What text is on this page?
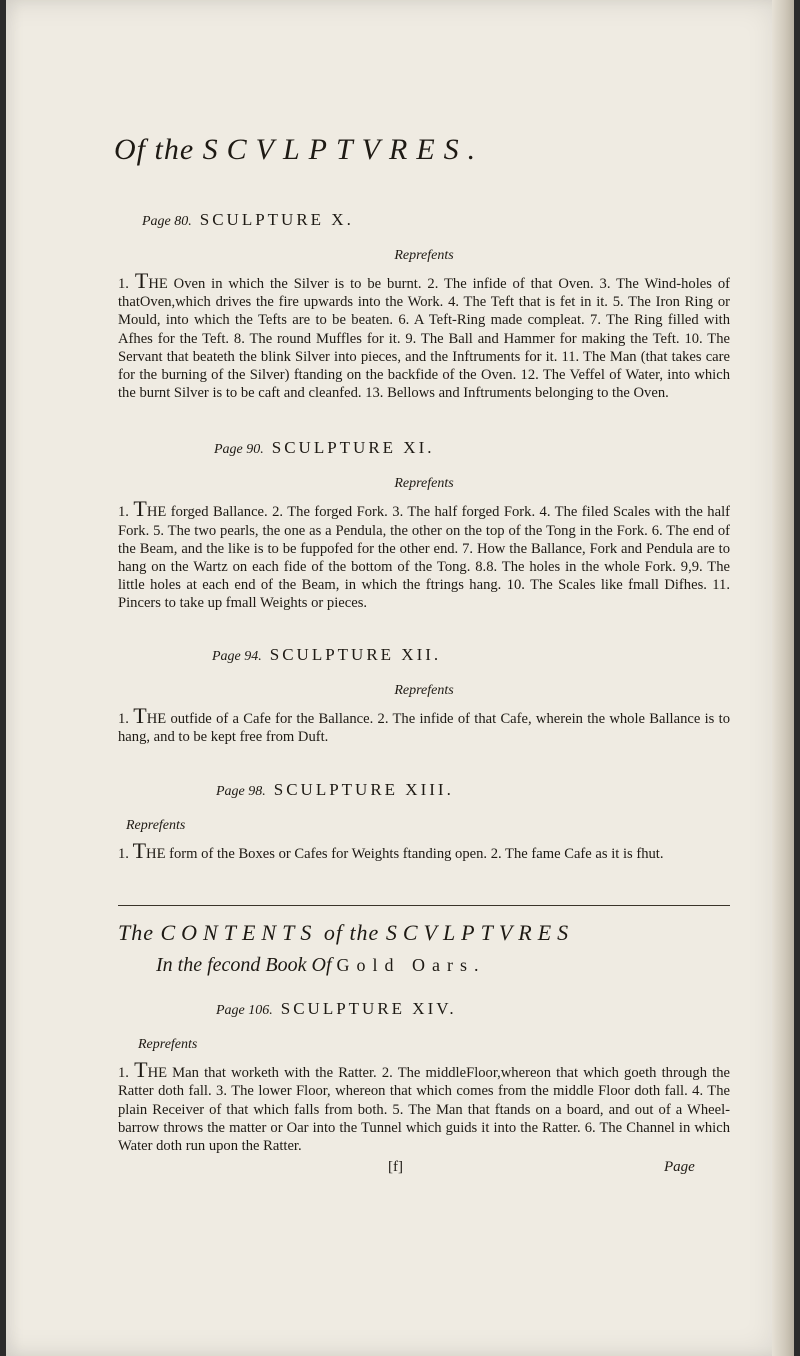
Of the SCVLPTVRES.
Page 80. SCULPTURE X.
Reprefents

1. THE Oven in which the Silver is to be burnt. 2. The infide of that Oven. 3. The Wind-holes of thatOven,which drives the fire upwards into the Work. 4. The Teft that is fet in it. 5. The Iron Ring or Mould, into which the Tefts are to be beaten. 6. A Teft-Ring made compleat. 7. The Ring filled with Afhes for the Teft. 8. The round Muffles for it. 9. The Ball and Hammer for making the Teft. 10. The Servant that beateth the blink Silver into pieces, and the Inftruments for it. 11. The Man (that takes care for the burning of the Silver) ftanding on the backfide of the Oven. 12. The Veffel of Water, into which the burnt Silver is to be caft and cleanfed. 13. Bellows and Inftruments belonging to the Oven.

Page 90. SCULPTURE XI.
Reprefents

1. THE forged Ballance. 2. The forged Fork. 3. The half forged Fork. 4. The filed Scales with the half Fork. 5. The two pearls, the one as a Pendula, the other on the top of the Tong in the Fork. 6. The end of the Beam, and the like is to be fuppofed for the other end. 7. How the Ballance, Fork and Pendula are to hang on the Wartz on each fide of the bottom of the Tong. 8.8. The holes in the whole Fork. 9,9. The little holes at each end of the Beam, in which the ftrings hang. 10. The Scales like fmall Difhes. 11. Pincers to take up fmall Weights or pieces.

Page 94. SCULPTURE XII.
Reprefents

1. THE outfide of a Cafe for the Ballance. 2. The infide of that Cafe, wherein the whole Ballance is to hang, and to be kept free from Duft.

Page 98. SCULPTURE XIII.
Reprefents

1. THE form of the Boxes or Cafes for Weights ftanding open. 2. The fame Cafe as it is fhut.

The CONTENTS of the SCVLPTVRES
In the fecond Book Of Gold Oars.
Page 106. SCULPTURE XIV.
Reprefents

1. THE Man that worketh with the Ratter. 2. The middleFloor,whereon that which goeth through the Ratter doth fall. 3. The lower Floor, whereon that which comes from the middle Floor doth fall. 4. The plain Receiver of that which falls from both. 5. The Man that ftands on a board, and out of a Wheel-barrow throws the matter or Oar into the Tunnel which guids it into the Ratter. 6. The Channel in which Water doth run upon the Ratter.

[f]	Page
